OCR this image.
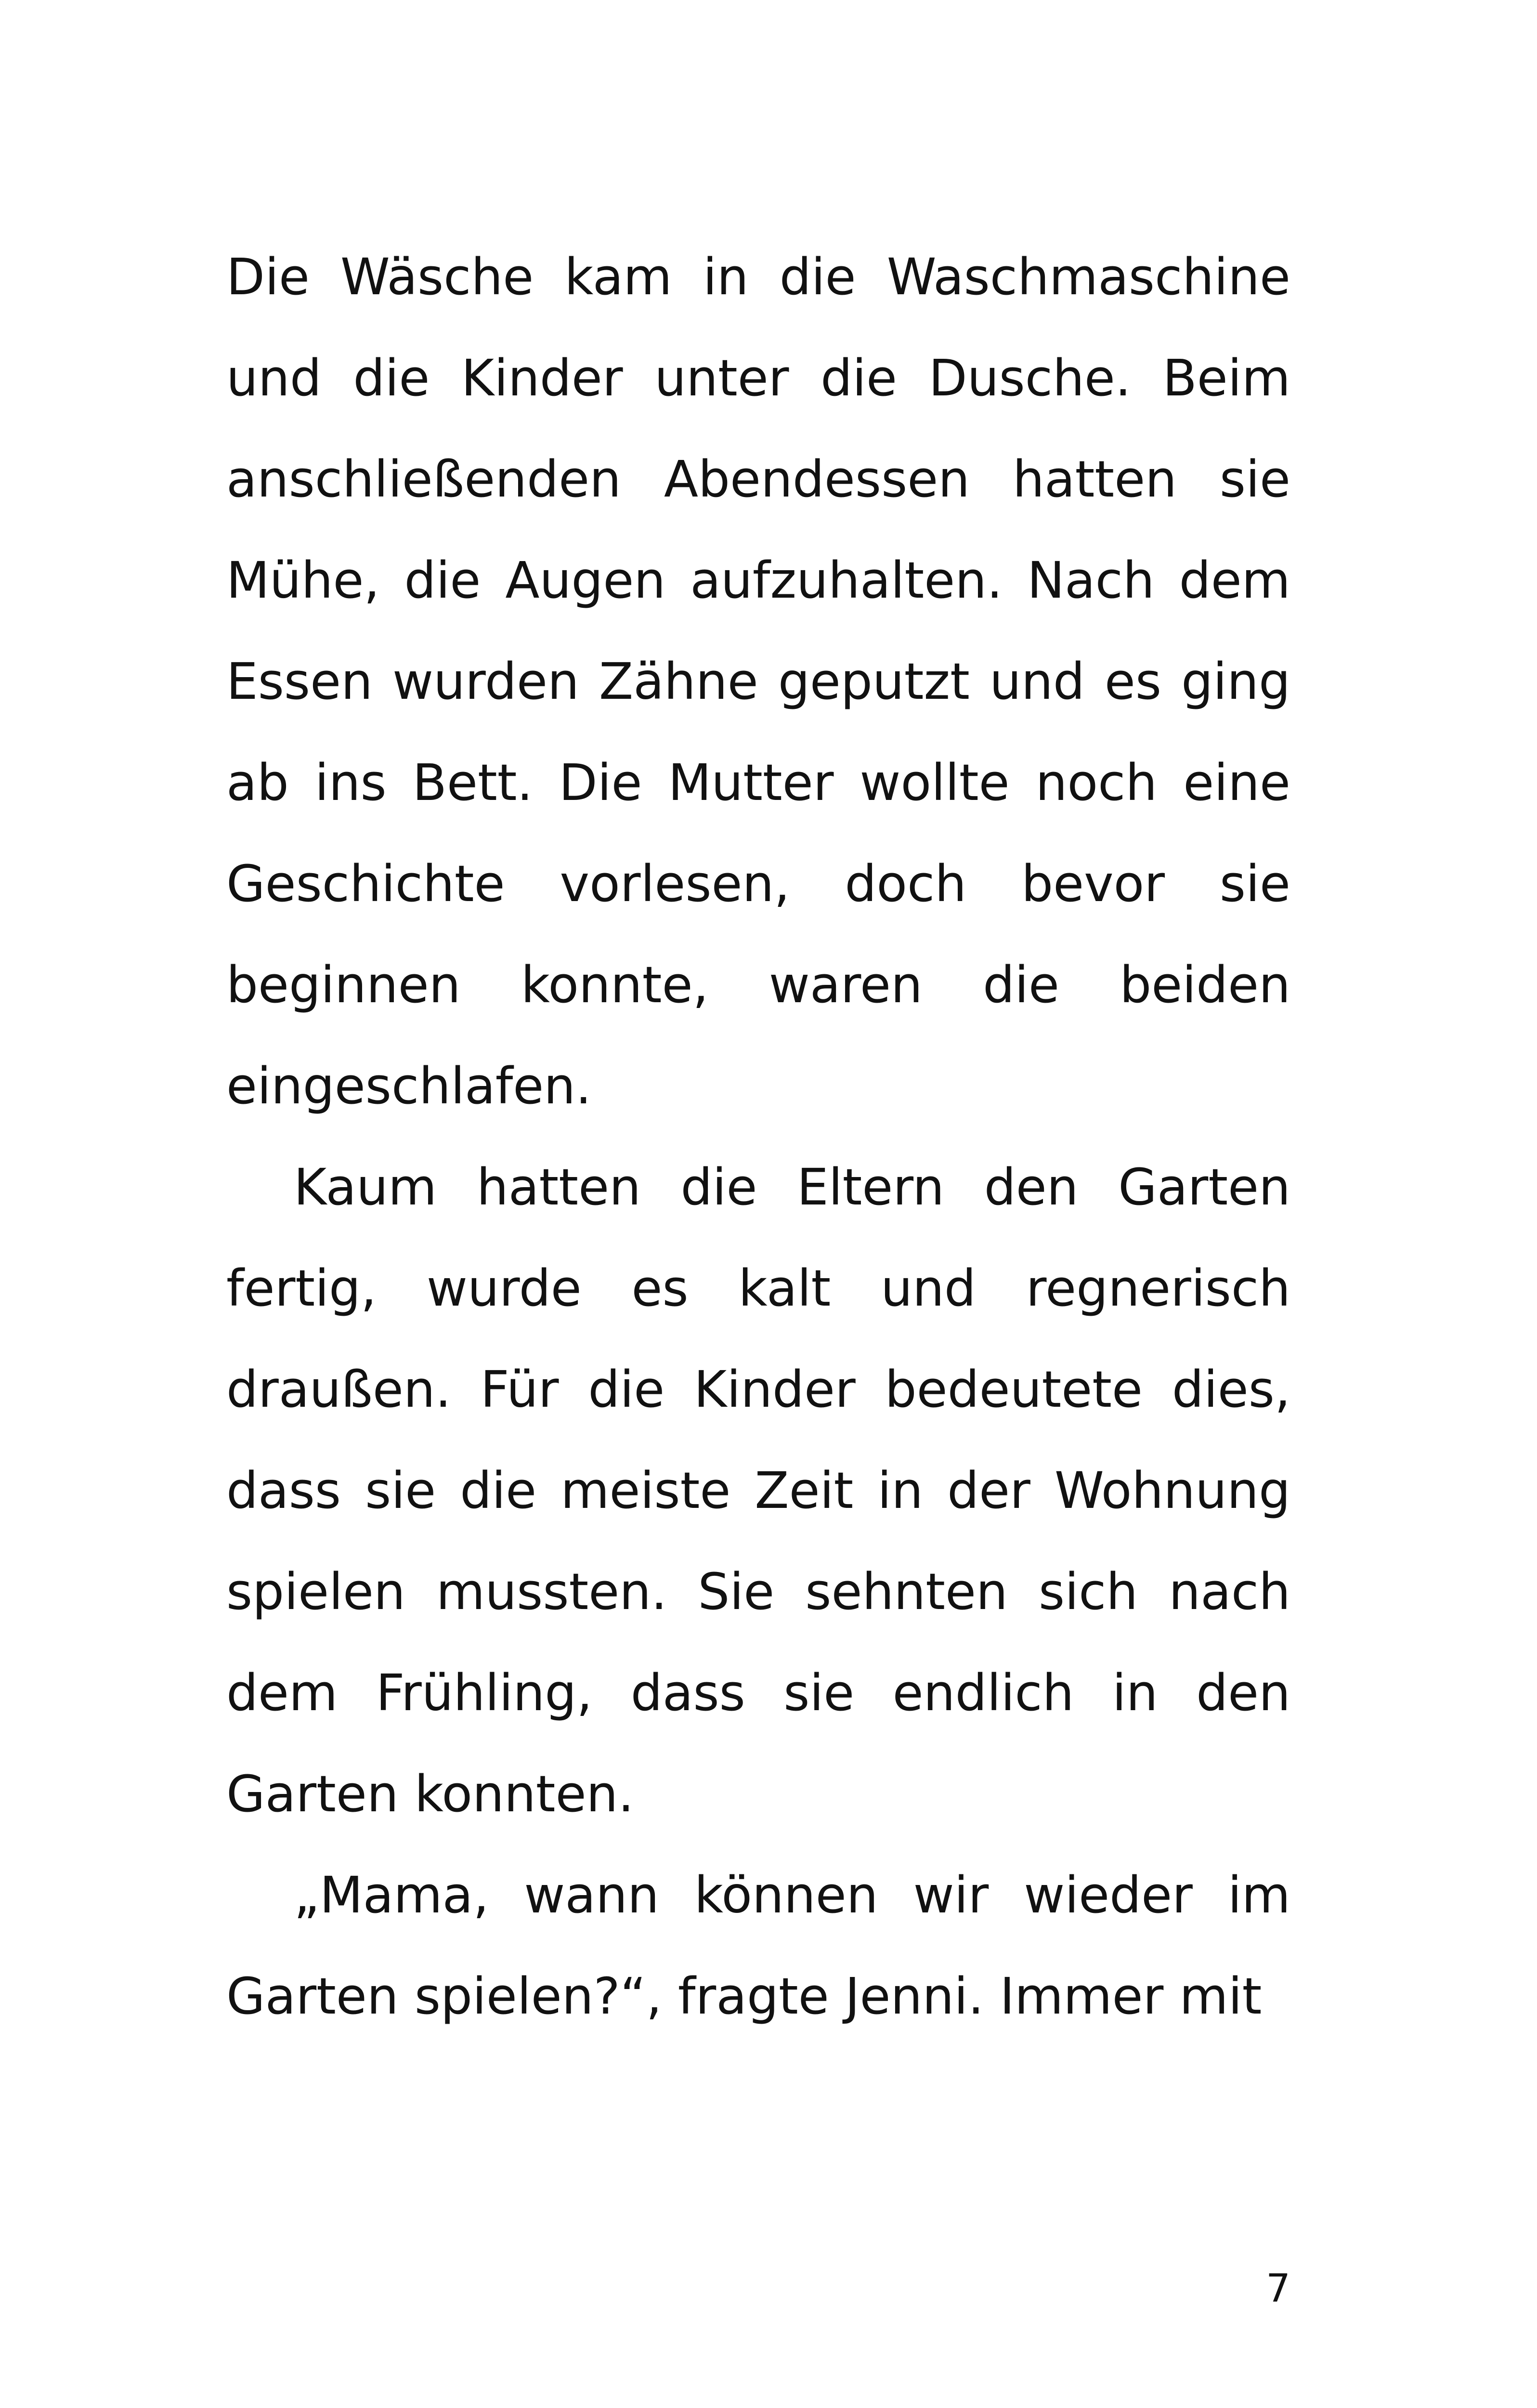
Die Wäsche kam in die Waschmaschine und die Kinder unter die Dusche. Beim anschließenden Abendessen hatten sie Mühe, die Augen aufzuhalten. Nach dem Essen wurden Zähne geputzt und es ging ab ins Bett. Die Mutter wollte noch eine Geschichte vorlesen, doch bevor sie beginnen konnte, waren die beiden eingeschlafen.

Kaum hatten die Eltern den Garten fertig, wurde es kalt und regnerisch draußen. Für die Kinder bedeutete dies, dass sie die meiste Zeit in der Wohnung spielen mussten. Sie sehnten sich nach dem Frühling, dass sie endlich in den Garten konnten.

„Mama, wann können wir wieder im Garten spielen?“, fragte Jenni. Immer mit

7
